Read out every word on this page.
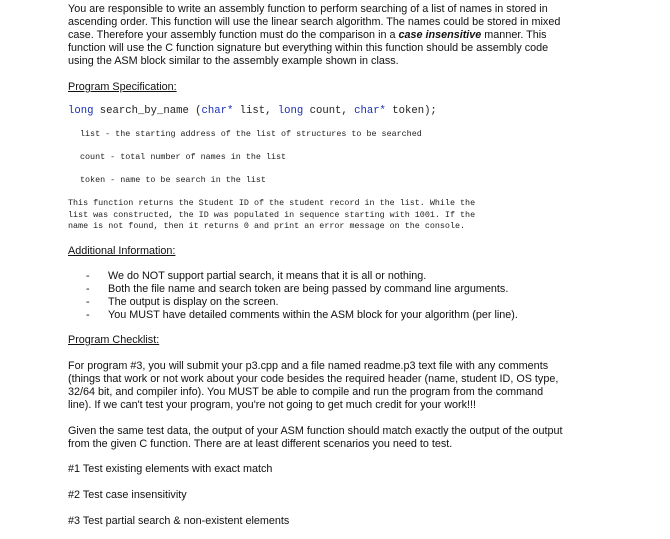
You are responsible to write an assembly function to perform searching of a list of names in stored in
ascending order. This function will use the linear search algorithm. The names could be stored in mixed
case. Therefore your assembly function must do the comparison in a case insensitive manner. This
function will use the C function signature but everything within this function should be assembly code
using the ASM block similar to the assembly example shown in class.
Program Specification:
long search_by_name (char* list, long count, char* token);
list - the starting address of the list of structures to be searched
count - total number of names in the list
token - name to be search in the list
This function returns the Student ID of the student record in the list. While the
list was constructed, the ID was populated in sequence starting with 1001. If the
name is not found, then it returns 0 and print an error message on the console.
Additional Information:
- We do NOT support partial search, it means that it is all or nothing.
- Both the file name and search token are being passed by command line arguments.
- The output is display on the screen.
- You MUST have detailed comments within the ASM block for your algorithm (per line).
Program Checklist:
For program #3, you will submit your p3.cpp and a file named readme.p3 text file with any comments
(things that work or not work about your code besides the required header (name, student ID, OS type,
32/64 bit, and compiler info). You MUST be able to compile and run the program from the command
line). If we can't test your program, you're not going to get much credit for your work!!!
Given the same test data, the output of your ASM function should match exactly the output of the output
from the given C function. There are at least different scenarios you need to test.
#1 Test existing elements with exact match
#2 Test case insensitivity
#3 Test partial search & non-existent elements
